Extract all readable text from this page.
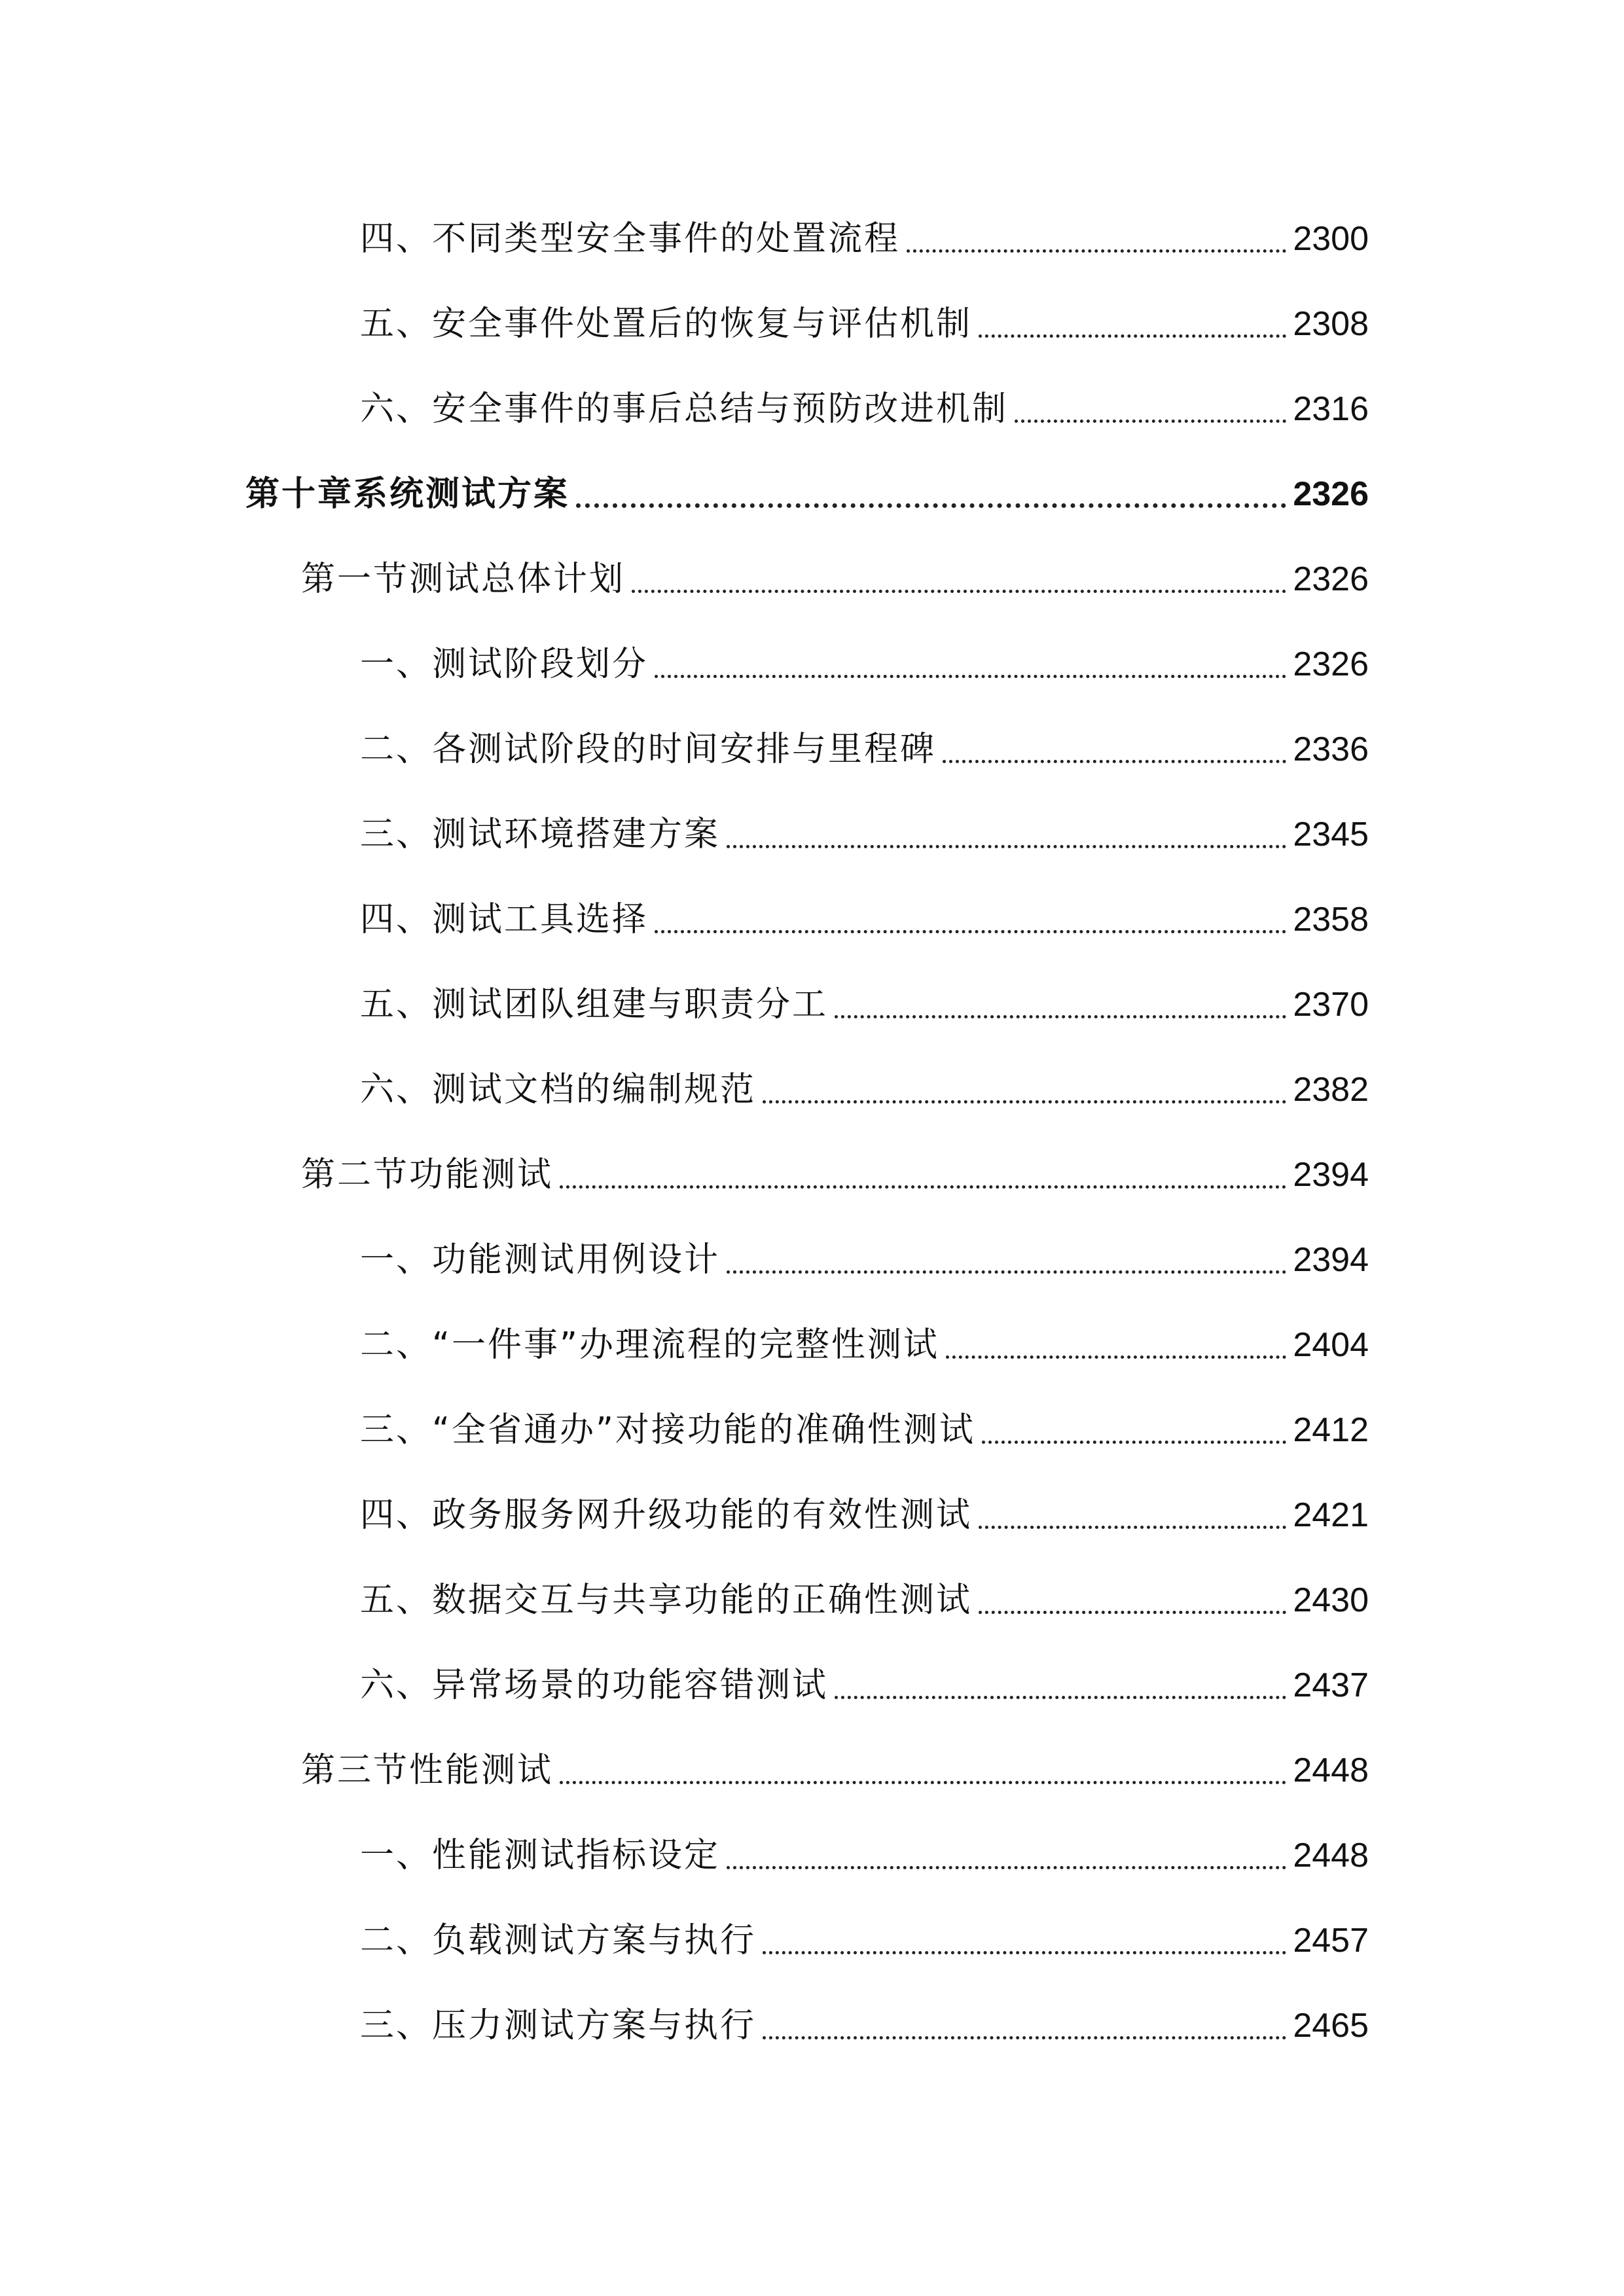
四、不同类型安全事件的处置流程	2300
五、安全事件处置后的恢复与评估机制	2308
六、安全事件的事后总结与预防改进机制	2316
第十章系统测试方案	2326
第一节测试总体计划	2326
一、测试阶段划分	2326
二、各测试阶段的时间安排与里程碑	2336
三、测试环境搭建方案	2345
四、测试工具选择	2358
五、测试团队组建与职责分工	2370
六、测试文档的编制规范	2382
第二节功能测试	2394
一、功能测试用例设计	2394
二、“一件事”办理流程的完整性测试	2404
三、“全省通办”对接功能的准确性测试	2412
四、政务服务网升级功能的有效性测试	2421
五、数据交互与共享功能的正确性测试	2430
六、异常场景的功能容错测试	2437
第三节性能测试	2448
一、性能测试指标设定	2448
二、负载测试方案与执行	2457
三、压力测试方案与执行	2465
